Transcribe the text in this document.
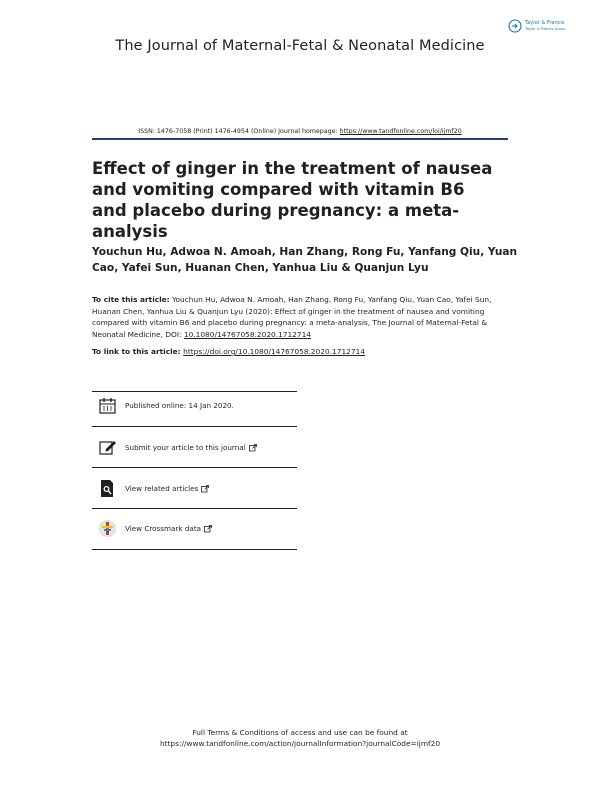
Taylor & Francis
Taylor & Francis Group
The Journal of Maternal-Fetal & Neonatal Medicine
ISSN: 1476-7058 (Print) 1476-4954 (Online) Journal homepage: https://www.tandfonline.com/loi/ijmf20
Effect of ginger in the treatment of nausea and vomiting compared with vitamin B6 and placebo during pregnancy: a meta-analysis

Youchun Hu, Adwoa N. Amoah, Han Zhang, Rong Fu, Yanfang Qiu, Yuan Cao, Yafei Sun, Huanan Chen, Yanhua Liu & Quanjun Lyu

To cite this article: Youchun Hu, Adwoa N. Amoah, Han Zhang, Rong Fu, Yanfang Qiu, Yuan Cao, Yafei Sun, Huanan Chen, Yanhua Liu & Quanjun Lyu (2020): Effect of ginger in the treatment of nausea and vomiting compared with vitamin B6 and placebo during pregnancy: a meta-analysis, The Journal of Maternal-Fetal & Neonatal Medicine, DOI: 10.1080/14767058.2020.1712714

To link to this article: https://doi.org/10.1080/14767058.2020.1712714
Published online: 14 Jan 2020.
Submit your article to this journal
View related articles
View Crossmark data
Full Terms & Conditions of access and use can be found at
https://www.tandfonline.com/action/journalInformation?journalCode=ijmf20
